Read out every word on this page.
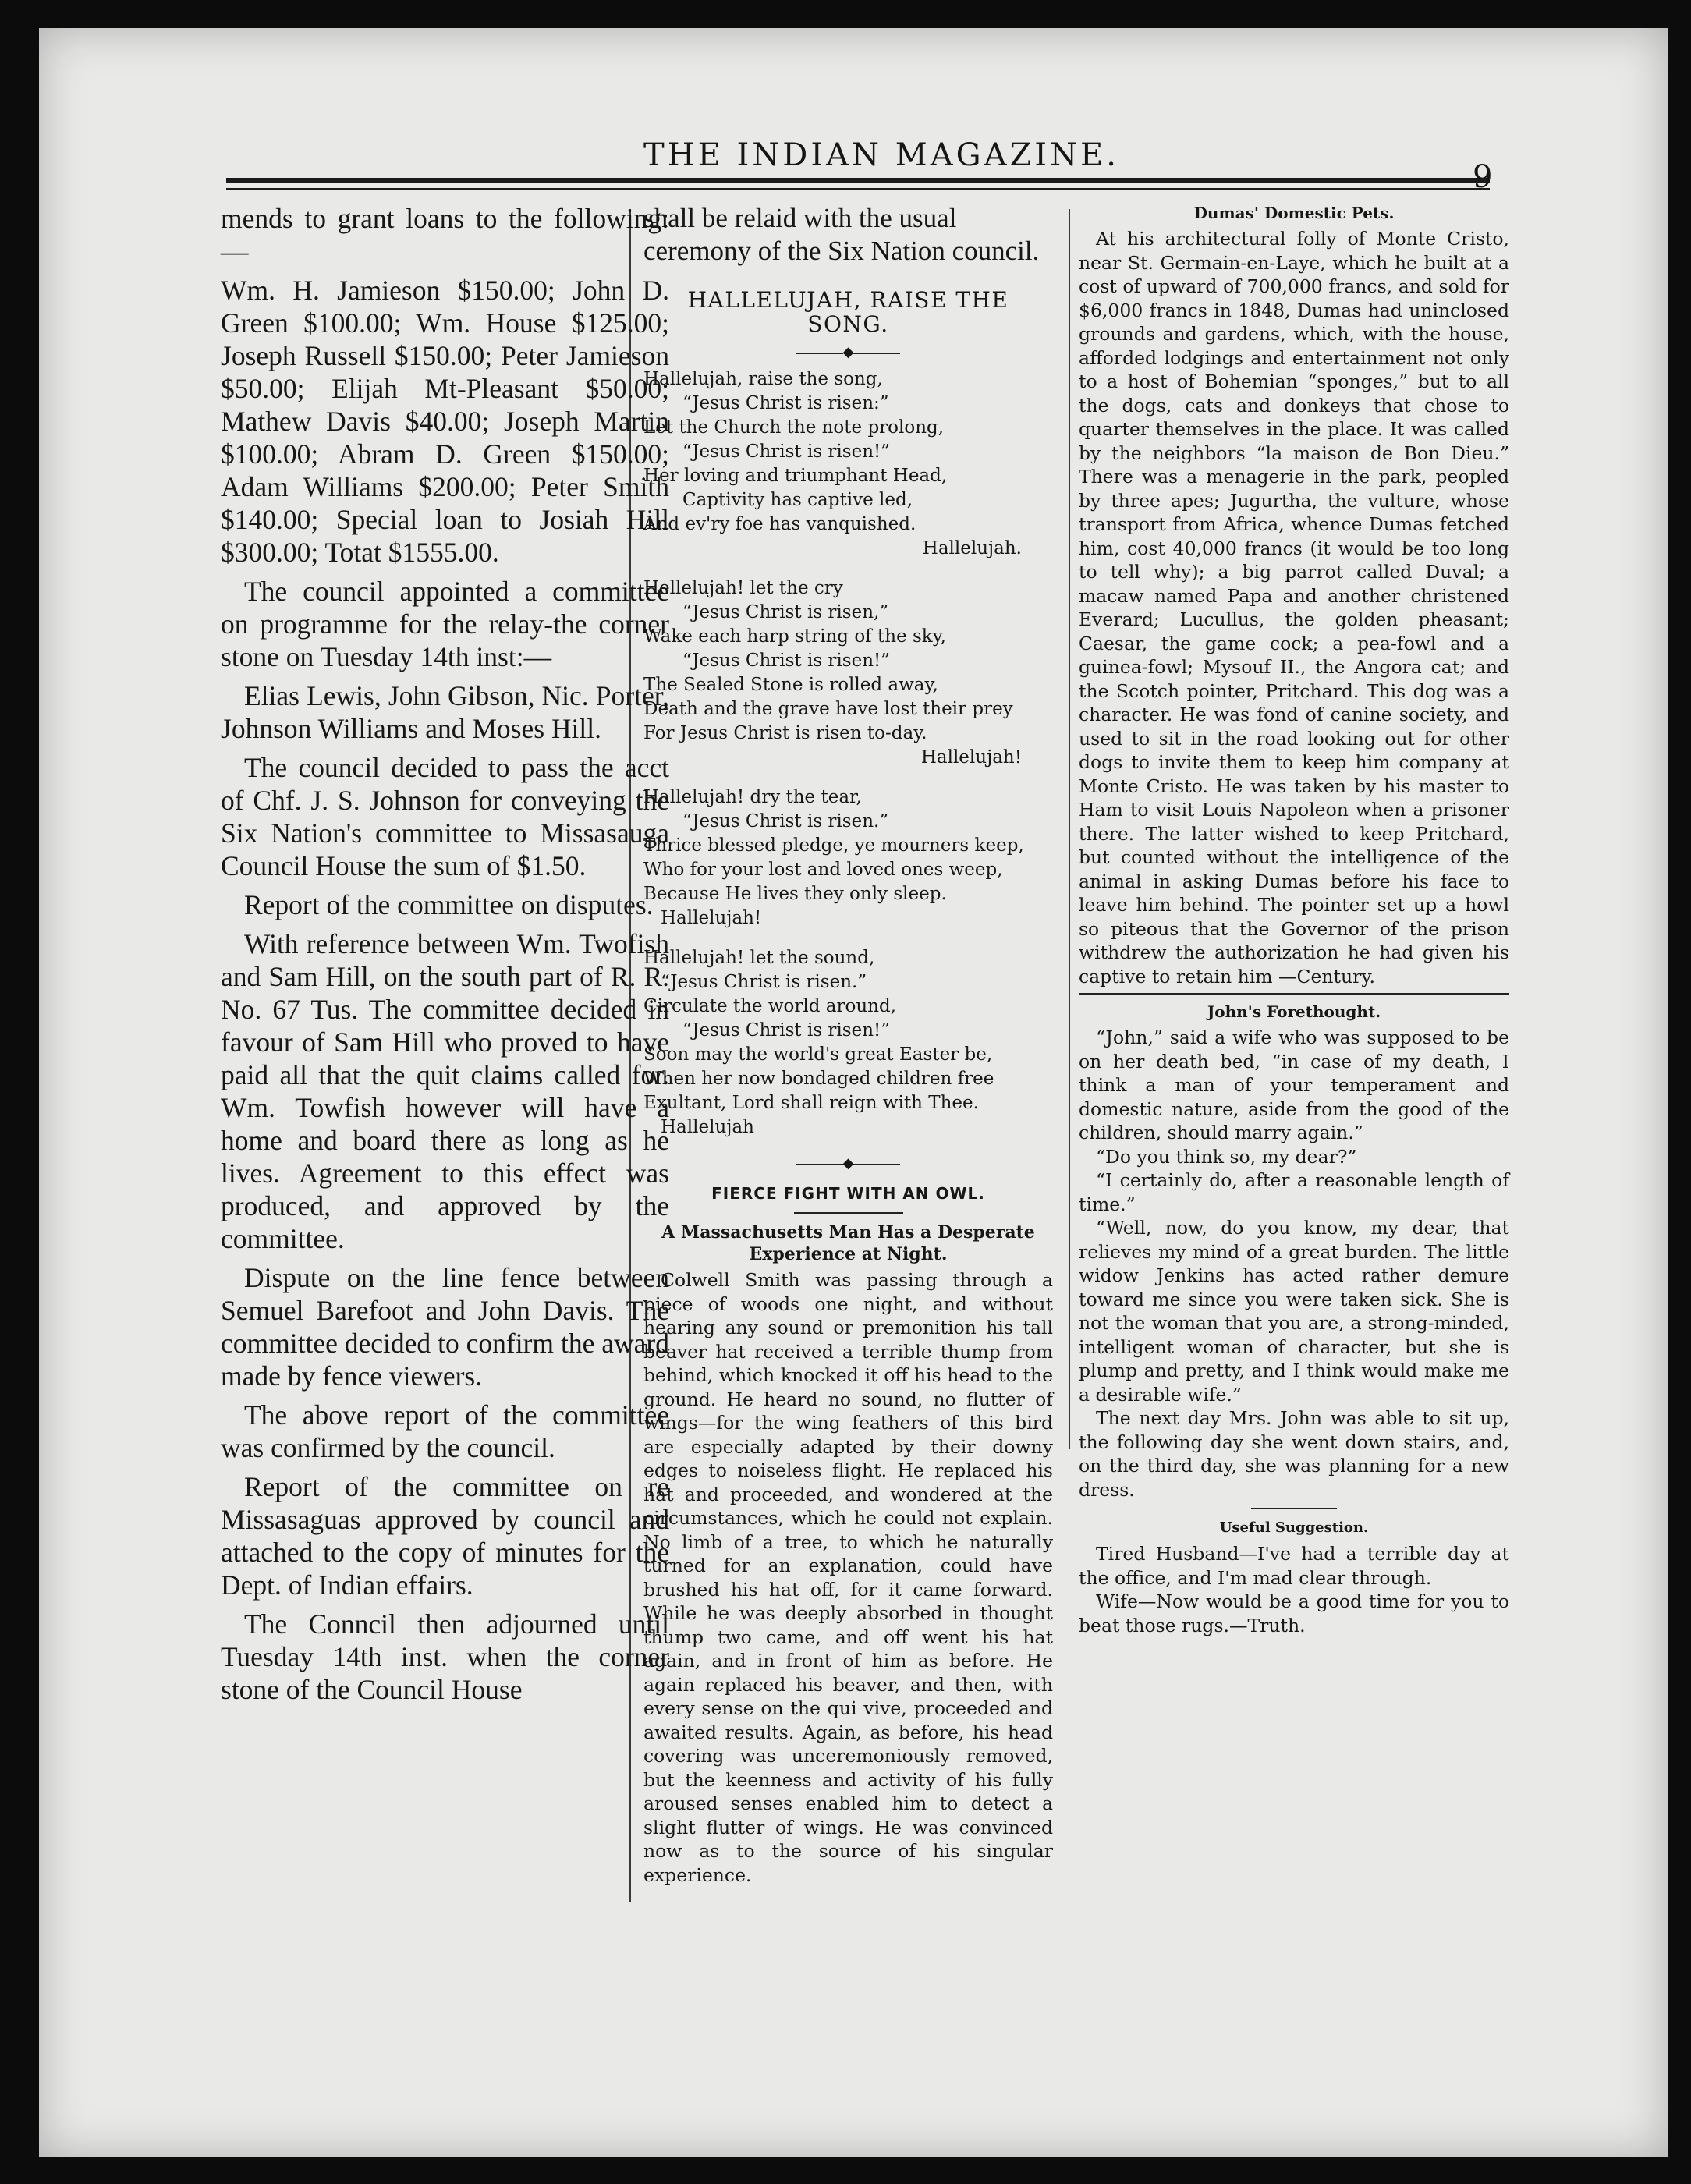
THE INDIAN MAGAZINE.
9

mends to grant loans to the following:—

Wm. H. Jamieson $150.00; John D. Green $100.00; Wm. House $125.00; Joseph Russell $150.00; Peter Jamieson $50.00; Elijah Mt-Pleasant $50.00; Mathew Davis $40.00; Joseph Martin $100.00; Abram D. Green $150.00; Adam Williams $200.00; Peter Smith $140.00; Special loan to Josiah Hill $300.00; Totat $1555.00.

The council appointed a committee on programme for the relay-the corner stone on Tuesday 14th inst:—

Elias Lewis, John Gibson, Nic. Porter, Johnson Williams and Moses Hill.

The council decided to pass the acct of Chf. J. S. Johnson for conveying the Six Nation's committee to Missasauga Council House the sum of $1.50.

Report of the committee on disputes.

With reference between Wm. Twofish and Sam Hill, on the south part of R. R. No. 67 Tus. The committee decided in favour of Sam Hill who proved to have paid all that the quit claims called for. Wm. Towfish however will have a home and board there as long as he lives. Agreement to this effect was produced, and approved by the committee.

Dispute on the line fence between Semuel Barefoot and John Davis. The committee decided to confirm the award made by fence viewers.

The above report of the committee was confirmed by the council.

Report of the committee on re Missasaguas approved by council and attached to the copy of minutes for the Dept. of Indian effairs.

The Conncil then adjourned until Tuesday 14th inst. when the corner stone of the Council House

shall be relaid with the usual ceremony of the Six Nation council.

HALLELUJAH, RAISE THE SONG.
◆
Hallelujah, raise the song,
“Jesus Christ is risen:”
Let the Church the note prolong,
“Jesus Christ is risen!”
Her loving and triumphant Head,
Captivity has captive led,
And ev'ry foe has vanquished.
Hallelujah.
Hellelujah! let the cry
“Jesus Christ is risen,”
Wake each harp string of the sky,
“Jesus Christ is risen!”
The Sealed Stone is rolled away,
Death and the grave have lost their prey
For Jesus Christ is risen to-day.
Hallelujah!
Hallelujah! dry the tear,
“Jesus Christ is risen.”
Thrice blessed pledge, ye mourners keep,
Who for your lost and loved ones weep,
Because He lives they only sleep.
Hallelujah!
Hallelujah! let the sound,
“Jesus Christ is risen.”
Circulate the world around,
“Jesus Christ is risen!”
Soon may the world's great Easter be,
When her now bondaged children free
Exultant, Lord shall reign with Thee.
Hallelujah
◆
FIERCE FIGHT WITH AN OWL.
A Massachusetts Man Has a Desperate Experience at Night.

Colwell Smith was passing through a piece of woods one night, and without hearing any sound or premonition his tall beaver hat received a terrible thump from behind, which knocked it off his head to the ground. He heard no sound, no flutter of wings—for the wing feathers of this bird are especially adapted by their downy edges to noiseless flight. He replaced his hat and proceeded, and wondered at the circumstances, which he could not explain. No limb of a tree, to which he naturally turned for an explanation, could have brushed his hat off, for it came forward. While he was deeply absorbed in thought thump two came, and off went his hat again, and in front of him as before. He again replaced his beaver, and then, with every sense on the qui vive, proceeded and awaited results. Again, as before, his head covering was unceremoniously removed, but the keenness and activity of his fully aroused senses enabled him to detect a slight flutter of wings. He was convinced now as to the source of his singular experience.

Dumas' Domestic Pets.

At his architectural folly of Monte Cristo, near St. Germain-en-Laye, which he built at a cost of upward of 700,000 francs, and sold for $6,000 francs in 1848, Dumas had uninclosed grounds and gardens, which, with the house, afforded lodgings and entertainment not only to a host of Bohemian “sponges,” but to all the dogs, cats and donkeys that chose to quarter themselves in the place. It was called by the neighbors “la maison de Bon Dieu.” There was a menagerie in the park, peopled by three apes; Jugurtha, the vulture, whose transport from Africa, whence Dumas fetched him, cost 40,000 francs (it would be too long to tell why); a big parrot called Duval; a macaw named Papa and another christened Everard; Lucullus, the golden pheasant; Caesar, the game cock; a pea-fowl and a guinea-fowl; Mysouf II., the Angora cat; and the Scotch pointer, Pritchard. This dog was a character. He was fond of canine society, and used to sit in the road looking out for other dogs to invite them to keep him company at Monte Cristo. He was taken by his master to Ham to visit Louis Napoleon when a prisoner there. The latter wished to keep Pritchard, but counted without the intelligence of the animal in asking Dumas before his face to leave him behind. The pointer set up a howl so piteous that the Governor of the prison withdrew the authorization he had given his captive to retain him —Century.

John's Forethought.

“John,” said a wife who was supposed to be on her death bed, “in case of my death, I think a man of your temperament and domestic nature, aside from the good of the children, should marry again.”

“Do you think so, my dear?”

“I certainly do, after a reasonable length of time.”

“Well, now, do you know, my dear, that relieves my mind of a great burden. The little widow Jenkins has acted rather demure toward me since you were taken sick. She is not the woman that you are, a strong-minded, intelligent woman of character, but she is plump and pretty, and I think would make me a desirable wife.”

The next day Mrs. John was able to sit up, the following day she went down stairs, and, on the third day, she was planning for a new dress.

Useful Suggestion.

Tired Husband—I've had a terrible day at the office, and I'm mad clear through.

Wife—Now would be a good time for you to beat those rugs.—Truth.
